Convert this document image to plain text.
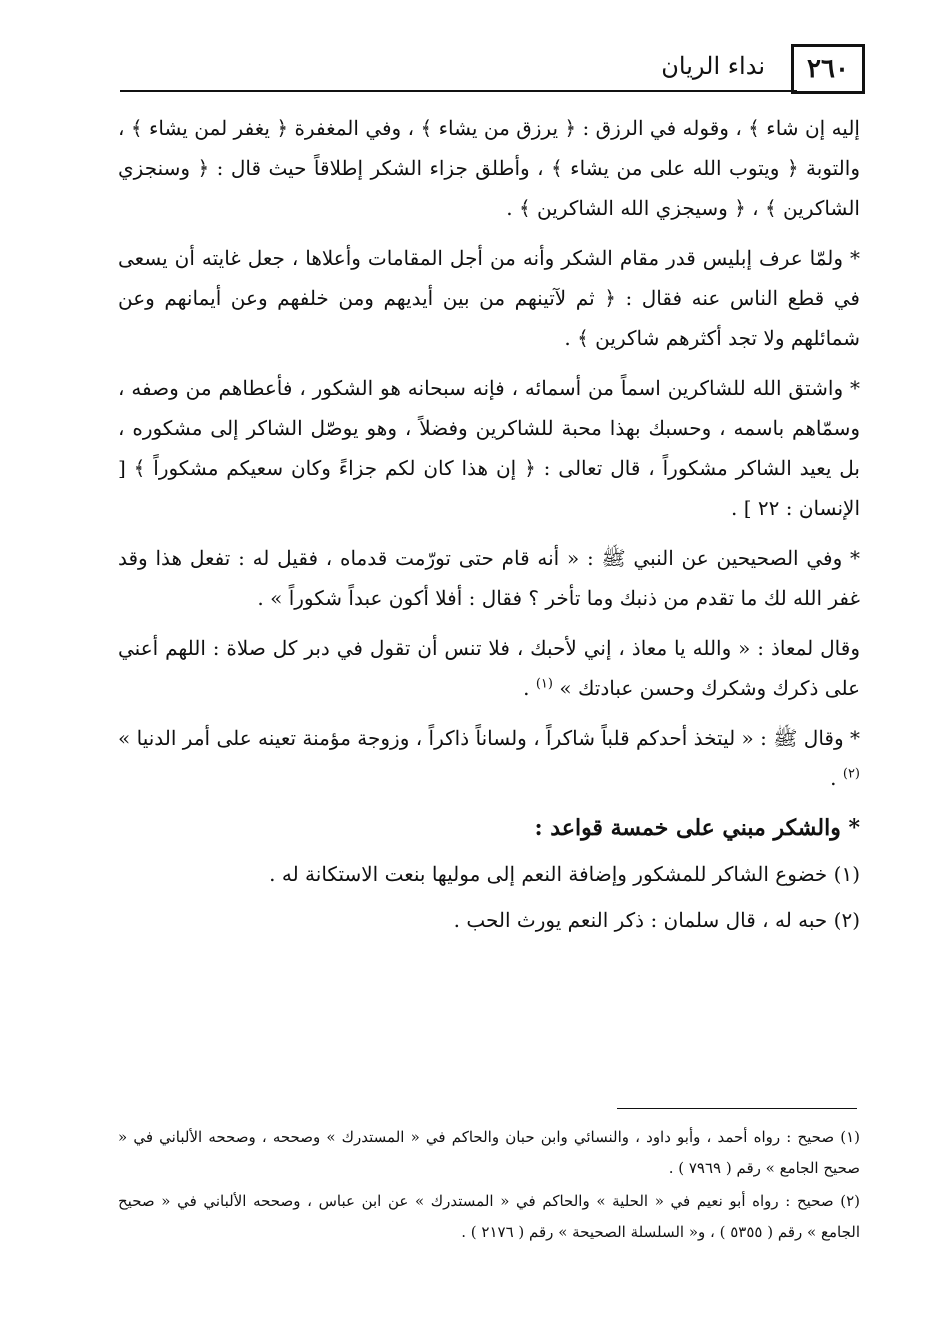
٢٦٠
نداء الريان

إليه إن شاء ﴾ ، وقوله في الرزق : ﴿ يرزق من يشاء ﴾ ، وفي المغفرة ﴿ يغفر لمن يشاء ﴾ ، والتوبة ﴿ ويتوب الله على من يشاء ﴾ ، وأطلق جزاء الشكر إطلاقاً حيث قال : ﴿ وسنجزي الشاكرين ﴾ ، ﴿ وسيجزي الله الشاكرين ﴾ .

* ولمّا عرف إبليس قدر مقام الشكر وأنه من أجل المقامات وأعلاها ، جعل غايته أن يسعى في قطع الناس عنه فقال : ﴿ ثم لآتينهم من بين أيديهم ومن خلفهم وعن أيمانهم وعن شمائلهم ولا تجد أكثرهم شاكرين ﴾ .

* واشتق الله للشاكرين اسماً من أسمائه ، فإنه سبحانه هو الشكور ، فأعطاهم من وصفه ، وسمّاهم باسمه ، وحسبك بهذا محبة للشاكرين وفضلاً ، وهو يوصّل الشاكر إلى مشكوره ، بل يعيد الشاكر مشكوراً ، قال تعالى : ﴿ إن هذا كان لكم جزاءً وكان سعيكم مشكوراً ﴾ [ الإنسان : ٢٢ ] .

* وفي الصحيحين عن النبي ﷺ : « أنه قام حتى تورّمت قدماه ، فقيل له : تفعل هذا وقد غفر الله لك ما تقدم من ذنبك وما تأخر ؟ فقال : أفلا أكون عبداً شكوراً » .

وقال لمعاذ : « والله يا معاذ ، إني لأحبك ، فلا تنس أن تقول في دبر كل صلاة : اللهم أعني على ذكرك وشكرك وحسن عبادتك » $^{(١)}$ .

* وقال ﷺ : « ليتخذ أحدكم قلباً شاكراً ، ولساناً ذاكراً ، وزوجة مؤمنة تعينه على أمر الدنيا » $^{(٢)}$ .

* والشكر مبني على خمسة قواعد :

(١) خضوع الشاكر للمشكور وإضافة النعم إلى موليها بنعت الاستكانة له .

(٢) حبه له ، قال سلمان : ذكر النعم يورث الحب .

(١) صحيح : رواه أحمد ، وأبو داود ، والنسائي وابن حبان والحاكم في « المستدرك » وصححه ، وصححه الألباني في « صحيح الجامع » رقم ( ٧٩٦٩ ) .

(٢) صحيح : رواه أبو نعيم في « الحلية » والحاكم في « المستدرك » عن ابن عباس ، وصححه الألباني في « صحيح الجامع » رقم ( ٥٣٥٥ ) ، و« السلسلة الصحيحة » رقم ( ٢١٧٦ ) .
